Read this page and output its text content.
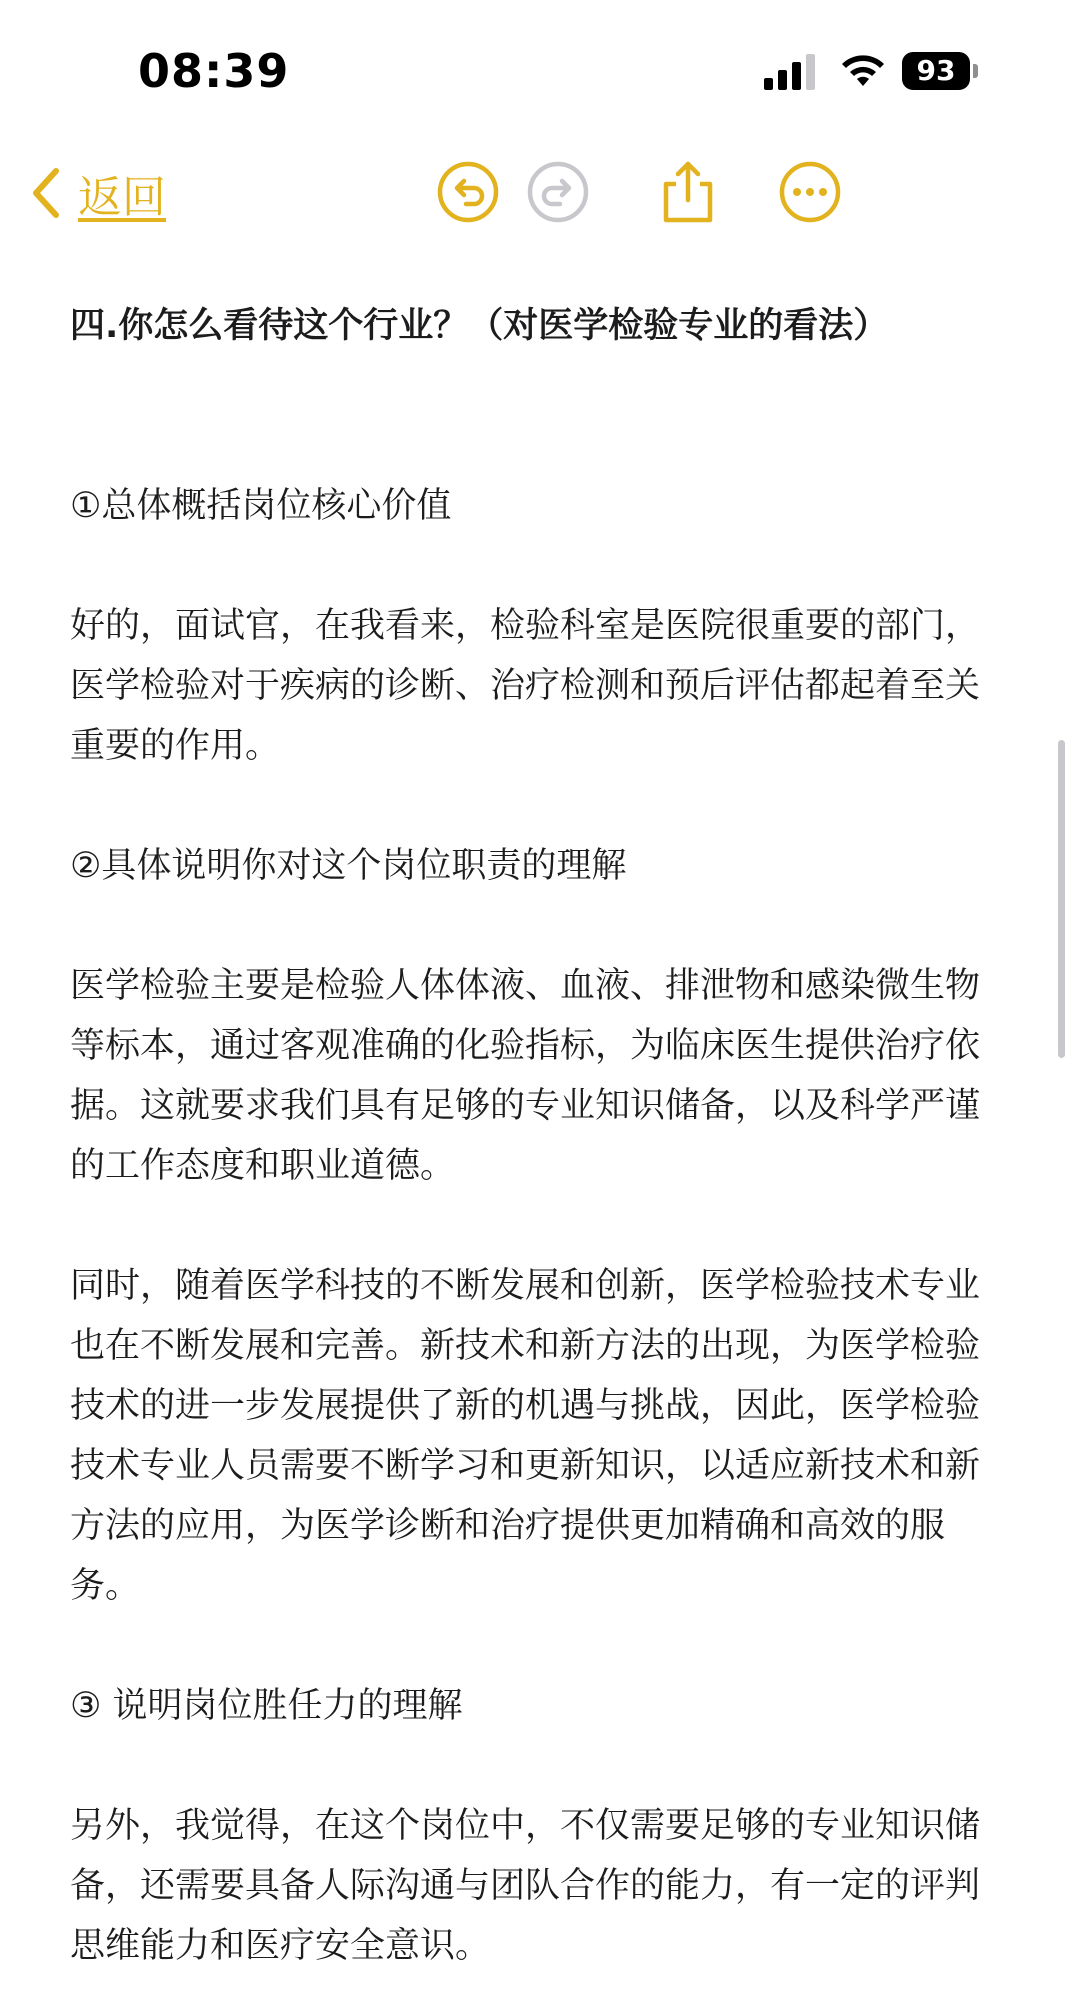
08:39	93
返回
四.你怎么看待这个行业？（对医学检验专业的看法）
①总体概括岗位核心价值
好的，面试官，在我看来，检验科室是医院很重要的部门，医学检验对于疾病的诊断、治疗检测和预后评估都起着至关重要的作用。
②具体说明你对这个岗位职责的理解
医学检验主要是检验人体体液、血液、排泄物和感染微生物等标本，通过客观准确的化验指标，为临床医生提供治疗依据。这就要求我们具有足够的专业知识储备，以及科学严谨的工作态度和职业道德。
同时，随着医学科技的不断发展和创新，医学检验技术专业也在不断发展和完善。新技术和新方法的出现，为医学检验技术的进一步发展提供了新的机遇与挑战，因此，医学检验技术专业人员需要不断学习和更新知识，以适应新技术和新方法的应用，为医学诊断和治疗提供更加精确和高效的服务。
③ 说明岗位胜任力的理解
另外，我觉得，在这个岗位中，不仅需要足够的专业知识储备，还需要具备人际沟通与团队合作的能力，有一定的评判思维能力和医疗安全意识。
